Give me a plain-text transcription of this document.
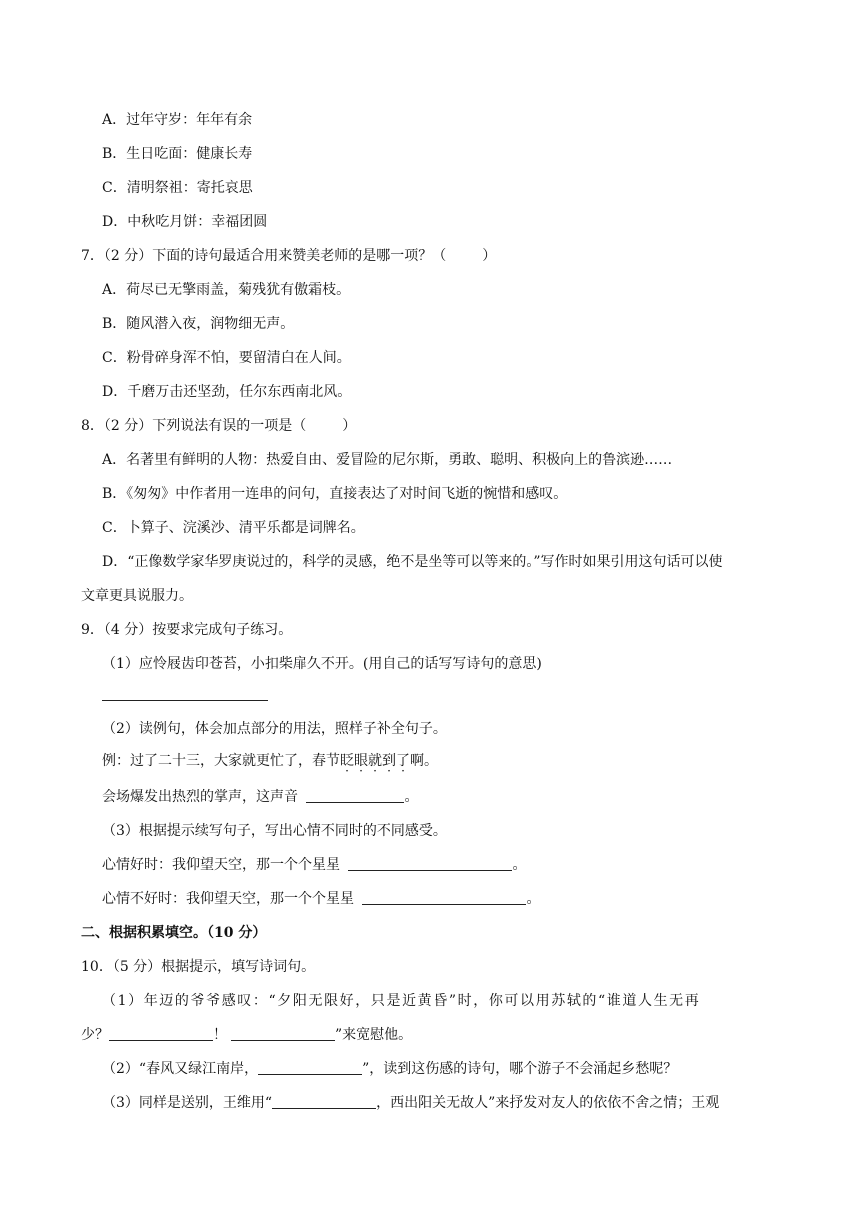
A．过年守岁：年年有余
B．生日吃面：健康长寿
C．清明祭祖：寄托哀思
D．中秋吃月饼：幸福团圆
7．（2 分）下面的诗句最适合用来赞美老师的是哪一项？（	）
A．荷尽已无擎雨盖，菊残犹有傲霜枝。
B．随风潜入夜，润物细无声。
C．粉骨碎身浑不怕，要留清白在人间。
D．千磨万击还坚劲，任尔东西南北风。
8．（2 分）下列说法有误的一项是（	）
A．名著里有鲜明的人物：热爱自由、爱冒险的尼尔斯，勇敢、聪明、积极向上的鲁滨逊……
B．《匆匆》中作者用一连串的问句，直接表达了对时间飞逝的惋惜和感叹。
C．卜算子、浣溪沙、清平乐都是词牌名。
D．“正像数学家华罗庚说过的，科学的灵感，绝不是坐等可以等来的。”写作时如果引用这句话可以使
文章更具说服力。
9．（4 分）按要求完成句子练习。
（1）应怜屐齿印苍苔，小扣柴扉久不开。(用自己的话写写诗句的意思)
（2）读例句，体会加点部分的用法，照样子补全句子。
例：过了二十三，大家就更忙了，春节眨眼就到了啊。
会场爆发出热烈的掌声，这声音	。
（3）根据提示续写句子，写出心情不同时的不同感受。
心情好时：我仰望天空，那一个个星星	。
心情不好时：我仰望天空，那一个个星星	。
二、根据积累填空。（10 分）
10．（5 分）根据提示，填写诗词句。
（1）年迈的爷爷感叹：“夕阳无限好，只是近黄昏”时，你可以用苏轼的“谁道人生无再
少？	！	”来宽慰他。
（2）“春风又绿江南岸，	”，读到这伤感的诗句，哪个游子不会涌起乡愁呢？
（3）同样是送别，王维用“	，西出阳关无故人”来抒发对友人的依依不舍之情；王观
